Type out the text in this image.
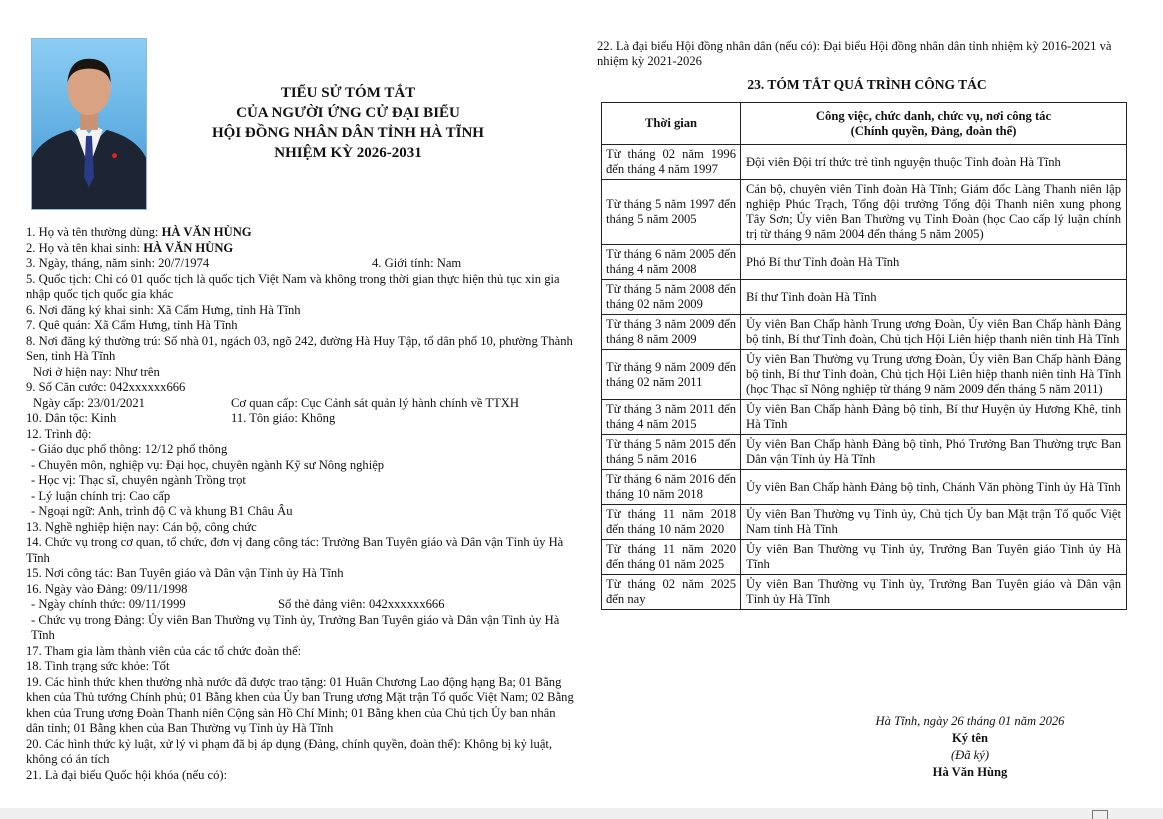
TIỂU SỬ TÓM TẮT
CỦA NGƯỜI ỨNG CỬ ĐẠI BIỂU
HỘI ĐỒNG NHÂN DÂN TỈNH HÀ TĨNH
NHIỆM KỲ 2026-2031
1. Họ và tên thường dùng: HÀ VĂN HÙNG
2. Họ và tên khai sinh: HÀ VĂN HÙNG
3. Ngày, tháng, năm sinh: 20/7/1974	4. Giới tính: Nam
5. Quốc tịch: Chỉ có 01 quốc tịch là quốc tịch Việt Nam và không trong thời gian thực hiện thủ tục xin gia nhập quốc tịch quốc gia khác
6. Nơi đăng ký khai sinh: Xã Cẩm Hưng, tỉnh Hà Tĩnh
7. Quê quán: Xã Cẩm Hưng, tỉnh Hà Tĩnh
8. Nơi đăng ký thường trú: Số nhà 01, ngách 03, ngõ 242, đường Hà Huy Tập, tổ dân phố 10, phường Thành Sen, tỉnh Hà Tĩnh
Nơi ở hiện nay: Như trên
9. Số Căn cước: 042xxxxxx666
Ngày cấp: 23/01/2021	Cơ quan cấp: Cục Cảnh sát quản lý hành chính về TTXH
10. Dân tộc: Kinh	11. Tôn giáo: Không
12. Trình độ:
- Giáo dục phổ thông: 12/12 phổ thông
- Chuyên môn, nghiệp vụ: Đại học, chuyên ngành Kỹ sư Nông nghiệp
- Học vị: Thạc sĩ, chuyên ngành Trồng trọt
- Lý luận chính trị: Cao cấp
- Ngoại ngữ: Anh, trình độ C và khung B1 Châu Âu
13. Nghề nghiệp hiện nay: Cán bộ, công chức
14. Chức vụ trong cơ quan, tổ chức, đơn vị đang công tác: Trưởng Ban Tuyên giáo và Dân vận Tỉnh ủy Hà Tĩnh
15. Nơi công tác: Ban Tuyên giáo và Dân vận Tỉnh ủy Hà Tĩnh
16. Ngày vào Đảng: 09/11/1998
- Ngày chính thức: 09/11/1999	Số thẻ đảng viên: 042xxxxxx666
- Chức vụ trong Đảng: Ủy viên Ban Thường vụ Tỉnh ủy, Trưởng Ban Tuyên giáo và Dân vận Tỉnh ủy Hà Tĩnh
17. Tham gia làm thành viên của các tổ chức đoàn thể:
18. Tình trạng sức khỏe: Tốt
19. Các hình thức khen thưởng nhà nước đã được trao tặng: 01 Huân Chương Lao động hạng Ba; 01 Bằng khen của Thủ tướng Chính phủ; 01 Bằng khen của Ủy ban Trung ương Mặt trận Tổ quốc Việt Nam; 02 Bằng khen của Trung ương Đoàn Thanh niên Cộng sản Hồ Chí Minh; 01 Bằng khen của Chủ tịch Ủy ban nhân dân tỉnh; 01 Bằng khen của Ban Thường vụ Tỉnh ủy Hà Tĩnh
20. Các hình thức kỷ luật, xử lý vi phạm đã bị áp dụng (Đảng, chính quyền, đoàn thể): Không bị kỷ luật, không có án tích
21. Là đại biểu Quốc hội khóa (nếu có):
22. Là đại biểu Hội đồng nhân dân (nếu có): Đại biểu Hội đồng nhân dân tỉnh nhiệm kỳ 2016-2021 và nhiệm kỳ 2021-2026
23. TÓM TẮT QUÁ TRÌNH CÔNG TÁC
Thời gian	Công việc, chức danh, chức vụ, nơi công tác
(Chính quyền, Đảng, đoàn thể)

Từ tháng 02 năm 1996 đến tháng 4 năm 1997	Đội viên Đội trí thức trẻ tình nguyện thuộc Tỉnh đoàn Hà Tĩnh
Từ tháng 5 năm 1997 đến tháng 5 năm 2005	Cán bộ, chuyên viên Tỉnh đoàn Hà Tĩnh; Giám đốc Làng Thanh niên lập nghiệp Phúc Trạch, Tổng đội trưởng Tổng đội Thanh niên xung phong Tây Sơn; Ủy viên Ban Thường vụ Tỉnh Đoàn (học Cao cấp lý luận chính trị từ tháng 9 năm 2004 đến tháng 5 năm 2005)
Từ tháng 6 năm 2005 đến tháng 4 năm 2008	Phó Bí thư Tỉnh đoàn Hà Tĩnh
Từ tháng 5 năm 2008 đến tháng 02 năm 2009	Bí thư Tỉnh đoàn Hà Tĩnh
Từ tháng 3 năm 2009 đến tháng 8 năm 2009	Ủy viên Ban Chấp hành Trung ương Đoàn, Ủy viên Ban Chấp hành Đảng bộ tỉnh, Bí thư Tỉnh đoàn, Chủ tịch Hội Liên hiệp thanh niên tỉnh Hà Tĩnh
Từ tháng 9 năm 2009 đến tháng 02 năm 2011	Ủy viên Ban Thường vụ Trung ương Đoàn, Ủy viên Ban Chấp hành Đảng bộ tỉnh, Bí thư Tỉnh đoàn, Chủ tịch Hội Liên hiệp thanh niên tỉnh Hà Tĩnh (học Thạc sĩ Nông nghiệp từ tháng 9 năm 2009 đến tháng 5 năm 2011)
Từ tháng 3 năm 2011 đến tháng 4 năm 2015	Ủy viên Ban Chấp hành Đảng bộ tỉnh, Bí thư Huyện ủy Hương Khê, tỉnh Hà Tĩnh
Từ tháng 5 năm 2015 đến tháng 5 năm 2016	Ủy viên Ban Chấp hành Đảng bộ tỉnh, Phó Trưởng Ban Thường trực Ban Dân vận Tỉnh ủy Hà Tĩnh
Từ tháng 6 năm 2016 đến tháng 10 năm 2018	Ủy viên Ban Chấp hành Đảng bộ tỉnh, Chánh Văn phòng Tỉnh ủy Hà Tĩnh
Từ tháng 11 năm 2018 đến tháng 10 năm 2020	Ủy viên Ban Thường vụ Tỉnh ủy, Chủ tịch Ủy ban Mặt trận Tổ quốc Việt Nam tỉnh Hà Tĩnh
Từ tháng 11 năm 2020 đến tháng 01 năm 2025	Ủy viên Ban Thường vụ Tỉnh ủy, Trưởng Ban Tuyên giáo Tỉnh ủy Hà Tĩnh
Từ tháng 02 năm 2025 đến nay	Ủy viên Ban Thường vụ Tỉnh ủy, Trưởng Ban Tuyên giáo và Dân vận Tỉnh ủy Hà Tĩnh
Hà Tĩnh, ngày 26 tháng 01 năm 2026
Ký tên
(Đã ký)
Hà Văn Hùng
